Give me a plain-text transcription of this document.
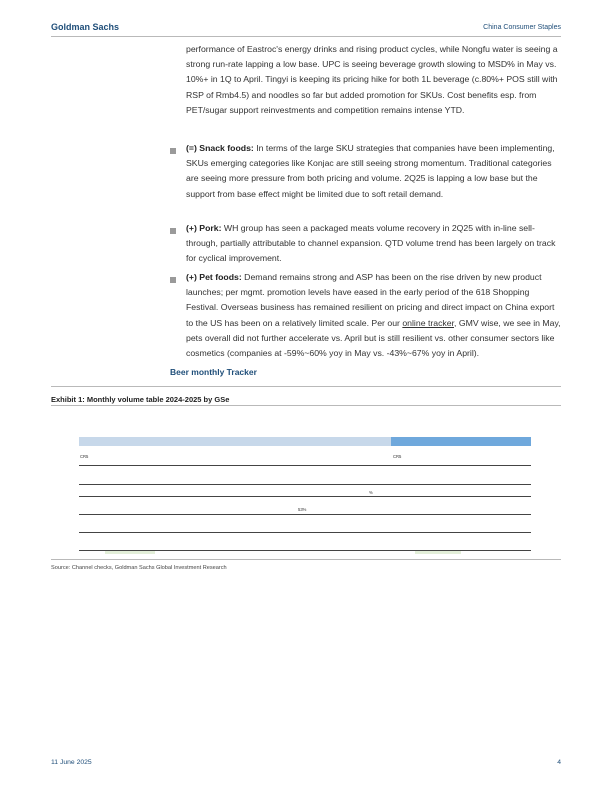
Goldman Sachs	China Consumer Staples

performance of Eastroc's energy drinks and rising product cycles, while Nongfu water is seeing a strong run-rate lapping a low base. UPC is seeing beverage growth slowing to MSD% in May vs. 10%+ in 1Q to April. Tingyi is keeping its pricing hike for both 1L beverage (c.80%+ POS still with RSP of Rmb4.5) and noodles so far but added promotion for SKUs. Cost benefits esp. from PET/sugar support reinvestments and competition remains intense YTD.

(=) Snack foods: In terms of the large SKU strategies that companies have been implementing, SKUs emerging categories like Konjac are still seeing strong momentum. Traditional categories are seeing more pressure from both pricing and volume. 2Q25 is lapping a low base but the support from base effect might be limited due to soft retail demand.

(+) Pork: WH group has seen a packaged meats volume recovery in 2Q25 with in-line sell-through, partially attributable to channel expansion. QTD volume trend has been largely on track for cyclical improvement.

(+) Pet foods: Demand remains strong and ASP has been on the rise driven by new product launches; per mgmt. promotion levels have eased in the early period of the 618 Shopping Festival. Overseas business has remained resilient on pricing and direct impact on China export to the US has been on a relatively limited scale. Per our online tracker, GMV wise, we see in May, pets overall did not further accelerate vs. April but is still resilient vs. other consumer sectors like cosmetics (companies at -59%~60% yoy in May vs. -43%~67% yoy in April).

Beer monthly Tracker
Exhibit 1: Monthly volume table 2024-2025 by GSe
CR5	CR5
%
53%
Source: Channel checks, Goldman Sachs Global Investment Research
11 June 2025	4
